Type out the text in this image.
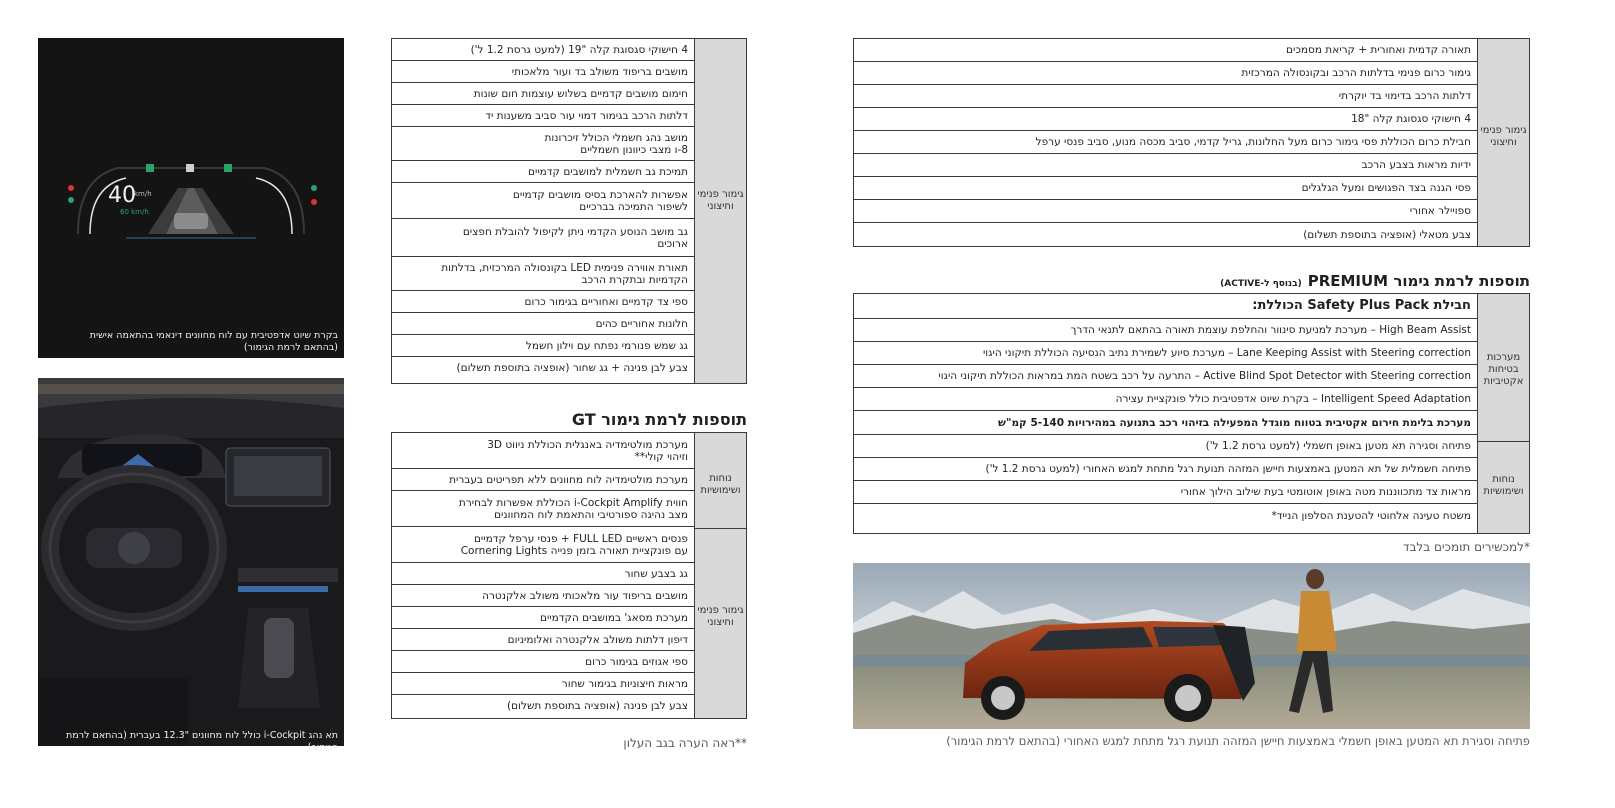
תאורה קדמית ואחורית + קריאת מסמכים
גימור כרום פנימי בדלתות הרכב ובקונסולה המרכזית
דלתות הרכב בדימוי בד יוקרתי
4 חישוקי סגסוגת קלה "18
חבילת כרום הכוללת פסי גימור כרום מעל החלונות, גריל קדמי, סביב מכסה מנוע, סביב פנסי ערפל
ידיות מראות בצבע הרכב
פסי הגנה בצד הפגושים ומעל הגלגלים
ספויילר אחורי
צבע מטאלי (אופציה בתוספת תשלום)
גימור פנימי וחיצוני
תוספות לרמת גימור PREMIUM(בנוסף ל-ACTIVE)
חבילת Safety Plus Pack הכוללת:
High Beam Assist – מערכת למניעת סינוור והחלפת עוצמת תאורה בהתאם לתנאי הדרך
Lane Keeping Assist with Steering correction – מערכת סיוע לשמירת נתיב הנסיעה הכוללת תיקוני היגוי
Active Blind Spot Detector with Steering correction – התרעה על רכב בשטח המת במראות הכוללת תיקוני היגוי
Intelligent Speed Adaptation – בקרת שיוט אדפטיבית כולל פונקציית עצירה
מערכת בלימת חירום אקטיבית בטווח מוגדל המפעילה בזיהוי רכב בתנועה במהירויות 5-140 קמ"ש
פתיחה וסגירה תא מטען באופן חשמלי (למעט גרסת 1.2 ל')
פתיחה חשמלית של תא המטען באמצעות חיישן המזהה תנועת רגל מתחת למגש האחורי (למעט גרסת 1.2 ל')
מראות צד מתכווננות מטה באופן אוטומטי בעת שילוב הילוך אחורי
משטח טעינה אלחוטי להטענת הסלפון הנייד*
מערכות בטיחות אקטיביות
נוחות ושימושיות
*למכשירים תומכים בלבד
פתיחה וסגירת תא המטען באופן חשמלי באמצעות חיישן המזהה תנועת רגל מתחת למגש האחורי (בהתאם לרמת הגימור)
4 חישוקי סגסוגת קלה "19 (למעט גרסת 1.2 ל')
מושבים בריפוד משולב בד ועור מלאכותי
חימום מושבים קדמיים בשלוש עוצמות חום שונות
דלתות הרכב בגימור דמוי עור סביב משענות יד
מושב נהג חשמלי הכולל זיכרונות
8-ו מצבי כיוונון חשמליים
תמיכת גב חשמלית למושבים קדמיים
אפשרות להארכת בסיס מושבים קדמיים
לשיפור התמיכה בברכיים
גב מושב הנוסע הקדמי ניתן לקיפול להובלת חפצים
ארוכים
תאורת אווירה פנימית LED בקונסולה המרכזית, בדלתות
הקדמיות ובתקרת הרכב
ספי צד קדמיים ואחוריים בגימור כרום
חלונות אחוריים כהים
גג שמש פנורמי נפתח עם וילון חשמל
צבע לבן פנינה + גג שחור (אופציה בתוספת תשלום)
גימור פנימי וחיצוני
תוספות לרמת גימור GT
מערכת מולטימדיה באנגלית הכוללת ניווט 3D
וזיהוי קולי**
מערכת מולטימדיה לוח מחוונים ללא תפריטים בעברית
חווית i-Cockpit Amplify הכוללת אפשרות לבחירת
מצב נהיגה ספורטיבי והתאמת לוח המחוונים
פנסים ראשיים FULL LED + פנסי ערפל קדמיים
עם פונקציית תאורה בזמן פנייה Cornering Lights
גג בצבע שחור
מושבים בריפוד עור מלאכותי משולב אלקנטרה
מערכת מסאג' במושבים הקדמיים
דיפון דלתות משולב אלקנטרה ואלומיניום
ספי אגוזים בגימור כרום
מראות חיצוניות בגימור שחור
צבע לבן פנינה (אופציה בתוספת תשלום)
נוחות ושימושיות
גימור פנימי וחיצוני
**ראה הערה בגב העלון
40
km/h
60 km/h
בקרת שיוט אדפטיבית עם לוח מחוונים דינאמי בהתאמה אישית
(בהתאם לרמת הגימור)
תא נהג i-Cockpit כולל לוח מחוונים "12.3 בעברית (בהתאם לרמת הגימור)
